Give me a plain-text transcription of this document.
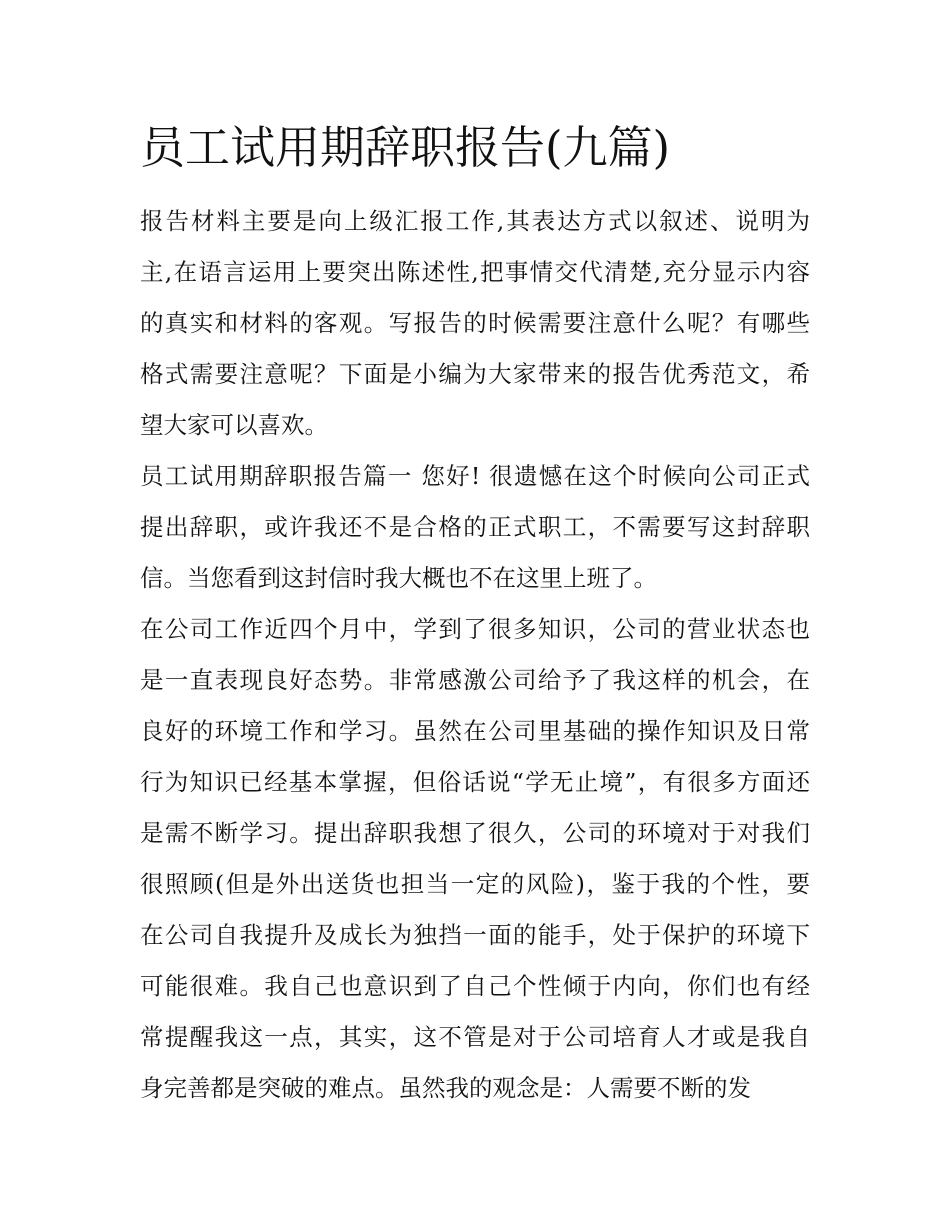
员工试用期辞职报告(九篇)
报告材料主要是向上级汇报工作,其表达方式以叙述、说明为
主,在语言运用上要突出陈述性,把事情交代清楚,充分显示内容
的真实和材料的客观。写报告的时候需要注意什么呢？有哪些
格式需要注意呢？下面是小编为大家带来的报告优秀范文，希
望大家可以喜欢。
员工试用期辞职报告篇一 您好! 很遗憾在这个时候向公司正式
提出辞职，或许我还不是合格的正式职工，不需要写这封辞职
信。当您看到这封信时我大概也不在这里上班了。
在公司工作近四个月中，学到了很多知识，公司的营业状态也
是一直表现良好态势。非常感激公司给予了我这样的机会，在
良好的环境工作和学习。虽然在公司里基础的操作知识及日常
行为知识已经基本掌握，但俗话说“学无止境”，有很多方面还
是需不断学习。提出辞职我想了很久，公司的环境对于对我们
很照顾(但是外出送货也担当一定的风险)，鉴于我的个性，要
在公司自我提升及成长为独挡一面的能手，处于保护的环境下
可能很难。我自己也意识到了自己个性倾于内向，你们也有经
常提醒我这一点，其实，这不管是对于公司培育人才或是我自
身完善都是突破的难点。虽然我的观念是：人需要不断的发
